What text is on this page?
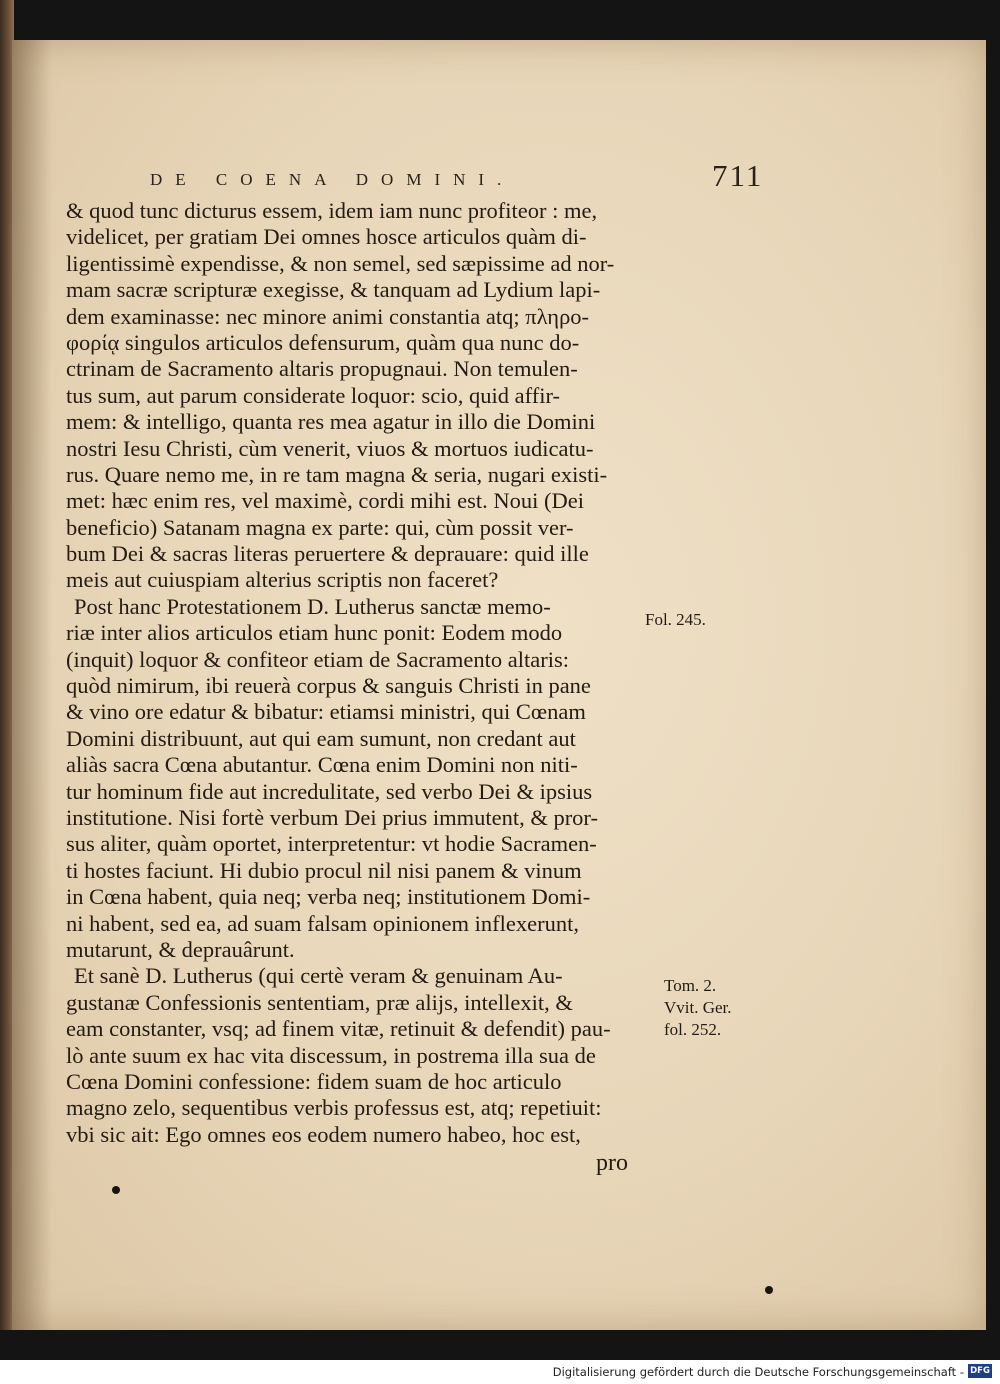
DE COENA DOMINI.	711
& quod tunc dicturus essem, idem iam nunc profiteor : me,
videlicet, per gratiam Dei omnes hosce articulos quàm di-
ligentissimè expendisse, & non semel, sed sæpissime ad nor-
mam sacræ scripturæ exegisse, & tanquam ad Lydium lapi-
dem examinasse: nec minore animi constantia atq; πληρο-
φορίᾳ singulos articulos defensurum, quàm qua nunc do-
ctrinam de Sacramento altaris propugnaui. Non temulen-
tus sum, aut parum considerate loquor: scio, quid affir-
mem: & intelligo, quanta res mea agatur in illo die Domini
nostri Iesu Christi, cùm venerit, viuos & mortuos iudicatu-
rus. Quare nemo me, in re tam magna & seria, nugari existi-
met: hæc enim res, vel maximè, cordi mihi est. Noui (Dei
beneficio) Satanam magna ex parte: qui, cùm possit ver-
bum Dei & sacras literas peruertere & deprauare: quid ille
meis aut cuiuspiam alterius scriptis non faceret?
Post hanc Protestationem D. Lutherus sanctæ memo-
riæ inter alios articulos etiam hunc ponit: Eodem modo
(inquit) loquor & confiteor etiam de Sacramento altaris:
quòd nimirum, ibi reuerà corpus & sanguis Christi in pane
& vino ore edatur & bibatur: etiamsi ministri, qui Cœnam
Domini distribuunt, aut qui eam sumunt, non credant aut
aliàs sacra Cœna abutantur. Cœna enim Domini non niti-
tur hominum fide aut incredulitate, sed verbo Dei & ipsius
institutione. Nisi fortè verbum Dei prius immutent, & pror-
sus aliter, quàm oportet, interpretentur: vt hodie Sacramen-
ti hostes faciunt. Hi dubio procul nil nisi panem & vinum
in Cœna habent, quia neq; verba neq; institutionem Domi-
ni habent, sed ea, ad suam falsam opinionem inflexerunt,
mutarunt, & deprauârunt.
Et sanè D. Lutherus (qui certè veram & genuinam Au-
gustanæ Confessionis sententiam, præ alijs, intellexit, &
eam constanter, vsq; ad finem vitæ, retinuit & defendit) pau-
lò ante suum ex hac vita discessum, in postrema illa sua de
Cœna Domini confessione: fidem suam de hoc articulo
magno zelo, sequentibus verbis professus est, atq; repetiuit:
vbi sic ait: Ego omnes eos eodem numero habeo, hoc est,
pro
Fol. 245.
Tom. 2.
Vvit. Ger.
fol. 252.
Digitalisierung gefördert durch die Deutsche Forschungsgemeinschaft - DFG
